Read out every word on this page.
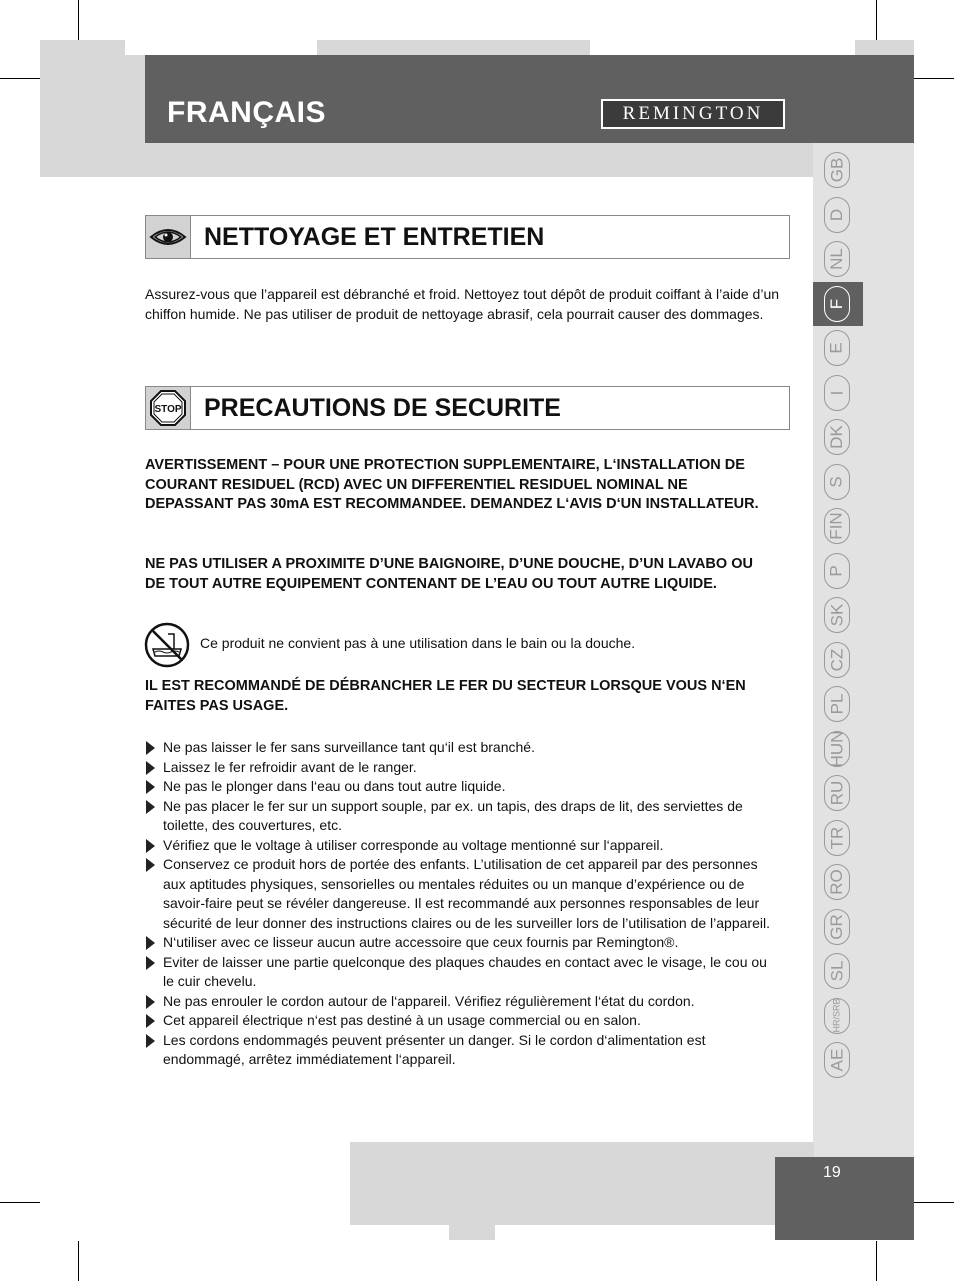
FRANÇAIS	REMINGTON
GB
D
NL
F
E
I
DK
S
FIN
P
SK
CZ
PL
HUN
RU
TR
RO
GR
SL
HR/SRB
AE
19
NETTOYAGE ET ENTRETIEN
Assurez-vous que l’appareil est débranché et froid. Nettoyez tout dépôt de produit coiffant à l’aide d’un chiffon humide. Ne pas utiliser de produit de nettoyage abrasif, cela pourrait causer des dommages.
STOP PRECAUTIONS DE SECURITE
AVERTISSEMENT – POUR UNE PROTECTION SUPPLEMENTAIRE, L‘INSTALLATION DE COURANT RESIDUEL (RCD) AVEC UN DIFFERENTIEL RESIDUEL NOMINAL NE DEPASSANT PAS 30mA EST RECOMMANDEE. DEMANDEZ L‘AVIS D‘UN INSTALLATEUR.
NE PAS UTILISER A PROXIMITE D’UNE BAIGNOIRE, D’UNE DOUCHE, D’UN LAVABO OU DE TOUT AUTRE EQUIPEMENT CONTENANT DE L’EAU OU TOUT AUTRE LIQUIDE.
Ce produit ne convient pas à une utilisation dans le bain ou la douche.
IL EST RECOMMANDÉ DE DÉBRANCHER LE FER DU SECTEUR LORSQUE VOUS N‘EN FAITES PAS USAGE.
Ne pas laisser le fer sans surveillance tant qu‘il est branché.
Laissez le fer refroidir avant de le ranger.
Ne pas le plonger dans l‘eau ou dans tout autre liquide.
Ne pas placer le fer sur un support souple, par ex. un tapis, des draps de lit, des serviettes de toilette, des couvertures, etc.
Vérifiez que le voltage à utiliser corresponde au voltage mentionné sur l‘appareil.
Conservez ce produit hors de portée des enfants. L’utilisation de cet appareil par des personnes aux aptitudes physiques, sensorielles ou mentales réduites ou un manque d’expérience ou de savoir-faire peut se révéler dangereuse. Il est recommandé aux personnes responsables de leur sécurité de leur donner des instructions claires ou de les surveiller lors de l’utilisation de l’appareil.
N‘utiliser avec ce lisseur aucun autre accessoire que ceux fournis par Remington®.
Eviter de laisser une partie quelconque des plaques chaudes en contact avec le visage, le cou ou le cuir chevelu.
Ne pas enrouler le cordon autour de l‘appareil. Vérifiez régulièrement l‘état du cordon.
Cet appareil électrique n‘est pas destiné à un usage commercial ou en salon.
Les cordons endommagés peuvent présenter un danger. Si le cordon d‘alimentation est endommagé, arrêtez immédiatement l‘appareil.
